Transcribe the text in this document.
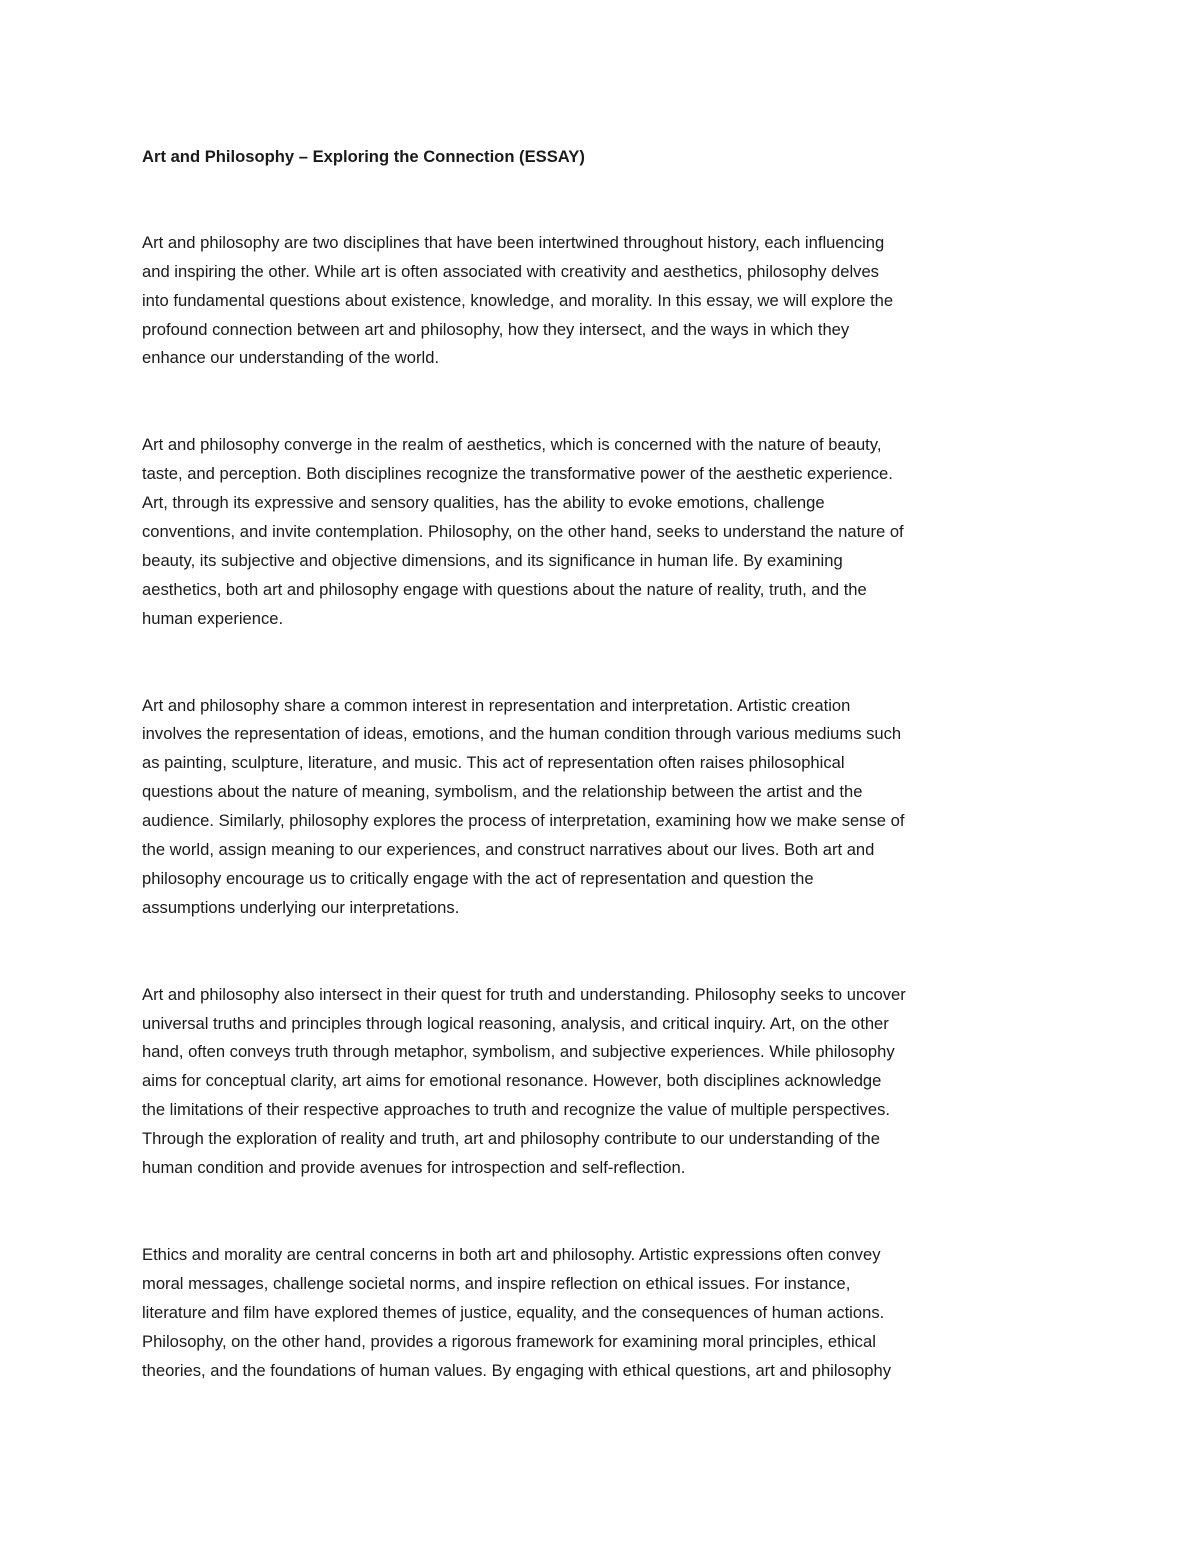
Art and Philosophy – Exploring the Connection (ESSAY)

Art and philosophy are two disciplines that have been intertwined throughout history, each influencing
and inspiring the other. While art is often associated with creativity and aesthetics, philosophy delves
into fundamental questions about existence, knowledge, and morality. In this essay, we will explore the
profound connection between art and philosophy, how they intersect, and the ways in which they
enhance our understanding of the world.
Art and philosophy converge in the realm of aesthetics, which is concerned with the nature of beauty,
taste, and perception. Both disciplines recognize the transformative power of the aesthetic experience.
Art, through its expressive and sensory qualities, has the ability to evoke emotions, challenge
conventions, and invite contemplation. Philosophy, on the other hand, seeks to understand the nature of
beauty, its subjective and objective dimensions, and its significance in human life. By examining
aesthetics, both art and philosophy engage with questions about the nature of reality, truth, and the
human experience.
Art and philosophy share a common interest in representation and interpretation. Artistic creation
involves the representation of ideas, emotions, and the human condition through various mediums such
as painting, sculpture, literature, and music. This act of representation often raises philosophical
questions about the nature of meaning, symbolism, and the relationship between the artist and the
audience. Similarly, philosophy explores the process of interpretation, examining how we make sense of
the world, assign meaning to our experiences, and construct narratives about our lives. Both art and
philosophy encourage us to critically engage with the act of representation and question the
assumptions underlying our interpretations.
Art and philosophy also intersect in their quest for truth and understanding. Philosophy seeks to uncover
universal truths and principles through logical reasoning, analysis, and critical inquiry. Art, on the other
hand, often conveys truth through metaphor, symbolism, and subjective experiences. While philosophy
aims for conceptual clarity, art aims for emotional resonance. However, both disciplines acknowledge
the limitations of their respective approaches to truth and recognize the value of multiple perspectives.
Through the exploration of reality and truth, art and philosophy contribute to our understanding of the
human condition and provide avenues for introspection and self-reflection.
Ethics and morality are central concerns in both art and philosophy. Artistic expressions often convey
moral messages, challenge societal norms, and inspire reflection on ethical issues. For instance,
literature and film have explored themes of justice, equality, and the consequences of human actions.
Philosophy, on the other hand, provides a rigorous framework for examining moral principles, ethical
theories, and the foundations of human values. By engaging with ethical questions, art and philosophy
